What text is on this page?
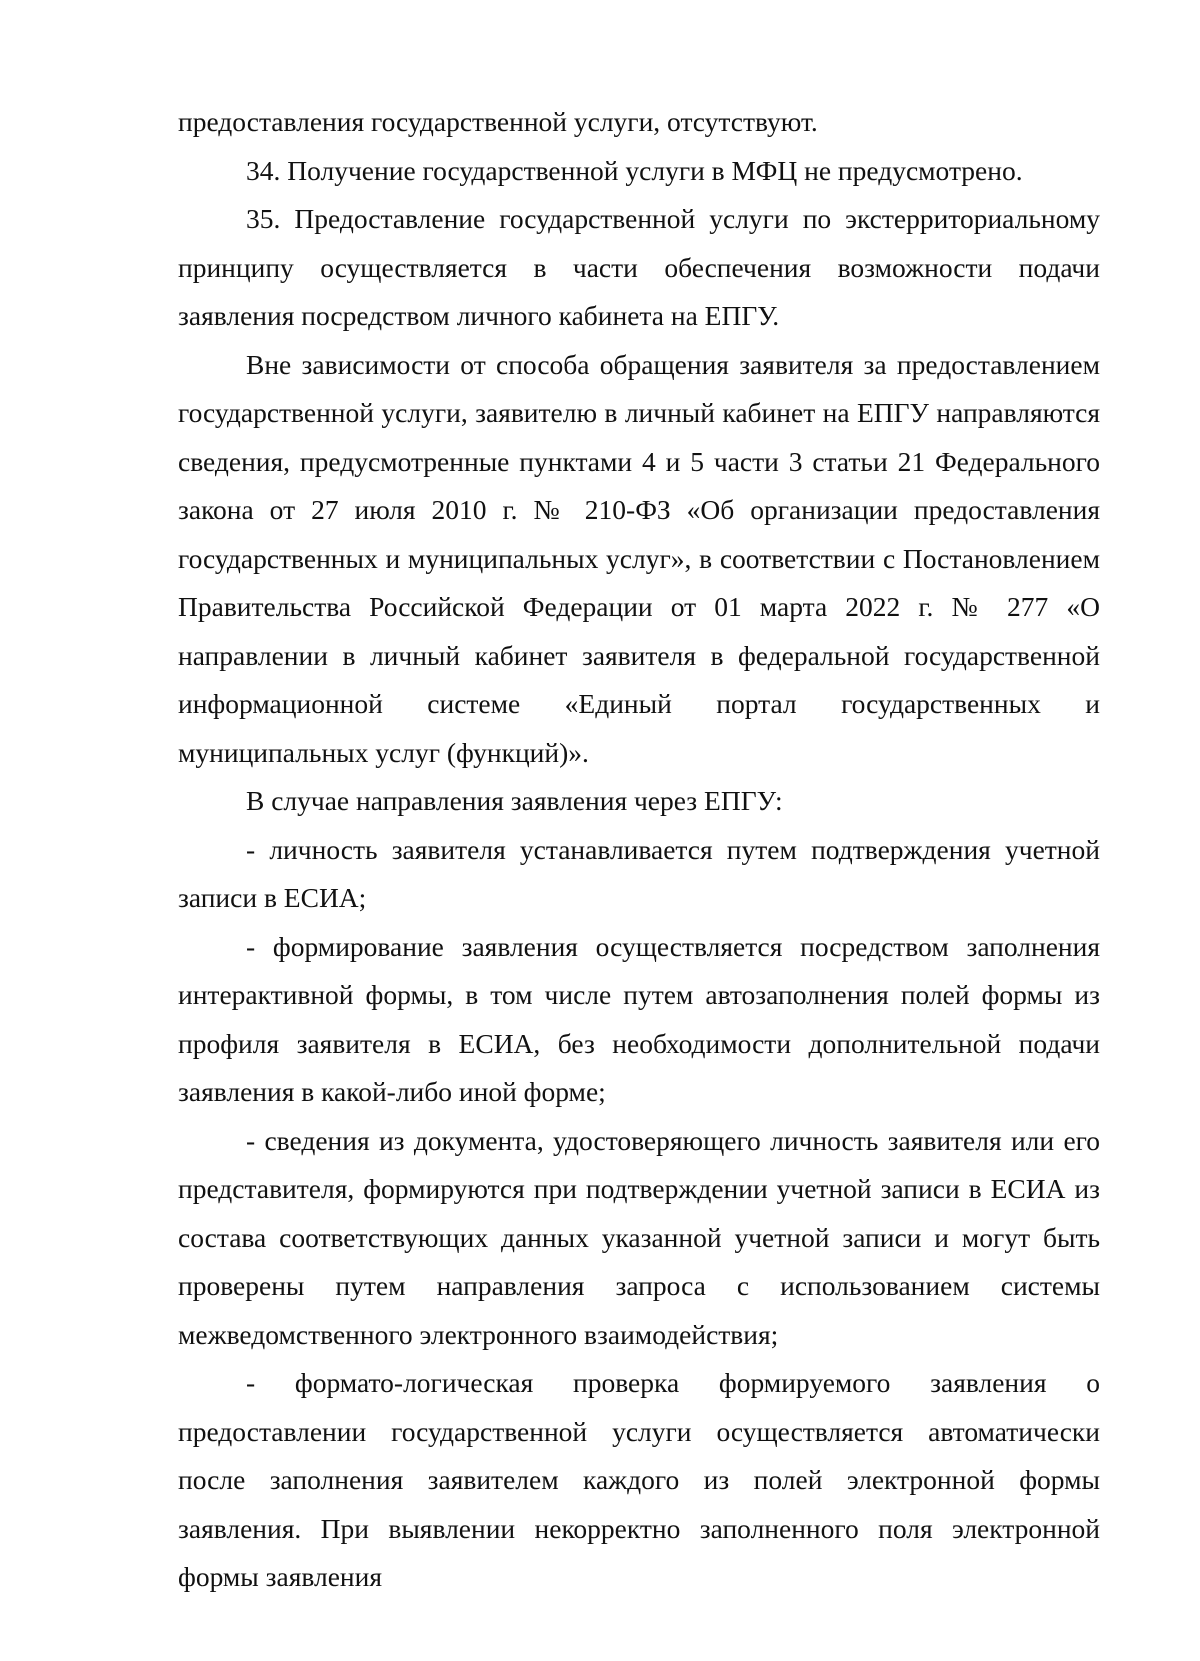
предоставления государственной услуги, отсутствуют.

34. Получение государственной услуги в МФЦ не предусмотрено.

35. Предоставление государственной услуги по экстерриториальному принципу осуществляется в части обеспечения возможности подачи заявления посредством личного кабинета на ЕПГУ.

Вне зависимости от способа обращения заявителя за предоставлением государственной услуги, заявителю в личный кабинет на ЕПГУ направляются сведения, предусмотренные пунктами 4 и 5 части 3 статьи 21 Федерального закона от 27 июля 2010 г. № 210-ФЗ «Об организации предоставления государственных и муниципальных услуг», в соответствии с Постановлением Правительства Российской Федерации от 01 марта 2022 г. № 277 «О направлении в личный кабинет заявителя в федеральной государственной информационной системе «Единый портал государственных и муниципальных услуг (функций)».

В случае направления заявления через ЕПГУ:

- личность заявителя устанавливается путем подтверждения учетной записи в ЕСИА;

- формирование заявления осуществляется посредством заполнения интерактивной формы, в том числе путем автозаполнения полей формы из профиля заявителя в ЕСИА, без необходимости дополнительной подачи заявления в какой-либо иной форме;

- сведения из документа, удостоверяющего личность заявителя или его представителя, формируются при подтверждении учетной записи в ЕСИА из состава соответствующих данных указанной учетной записи и могут быть проверены путем направления запроса с использованием системы межведомственного электронного взаимодействия;

- формато-логическая проверка формируемого заявления о предоставлении государственной услуги осуществляется автоматически после заполнения заявителем каждого из полей электронной формы заявления. При выявлении некорректно заполненного поля электронной формы заявления
